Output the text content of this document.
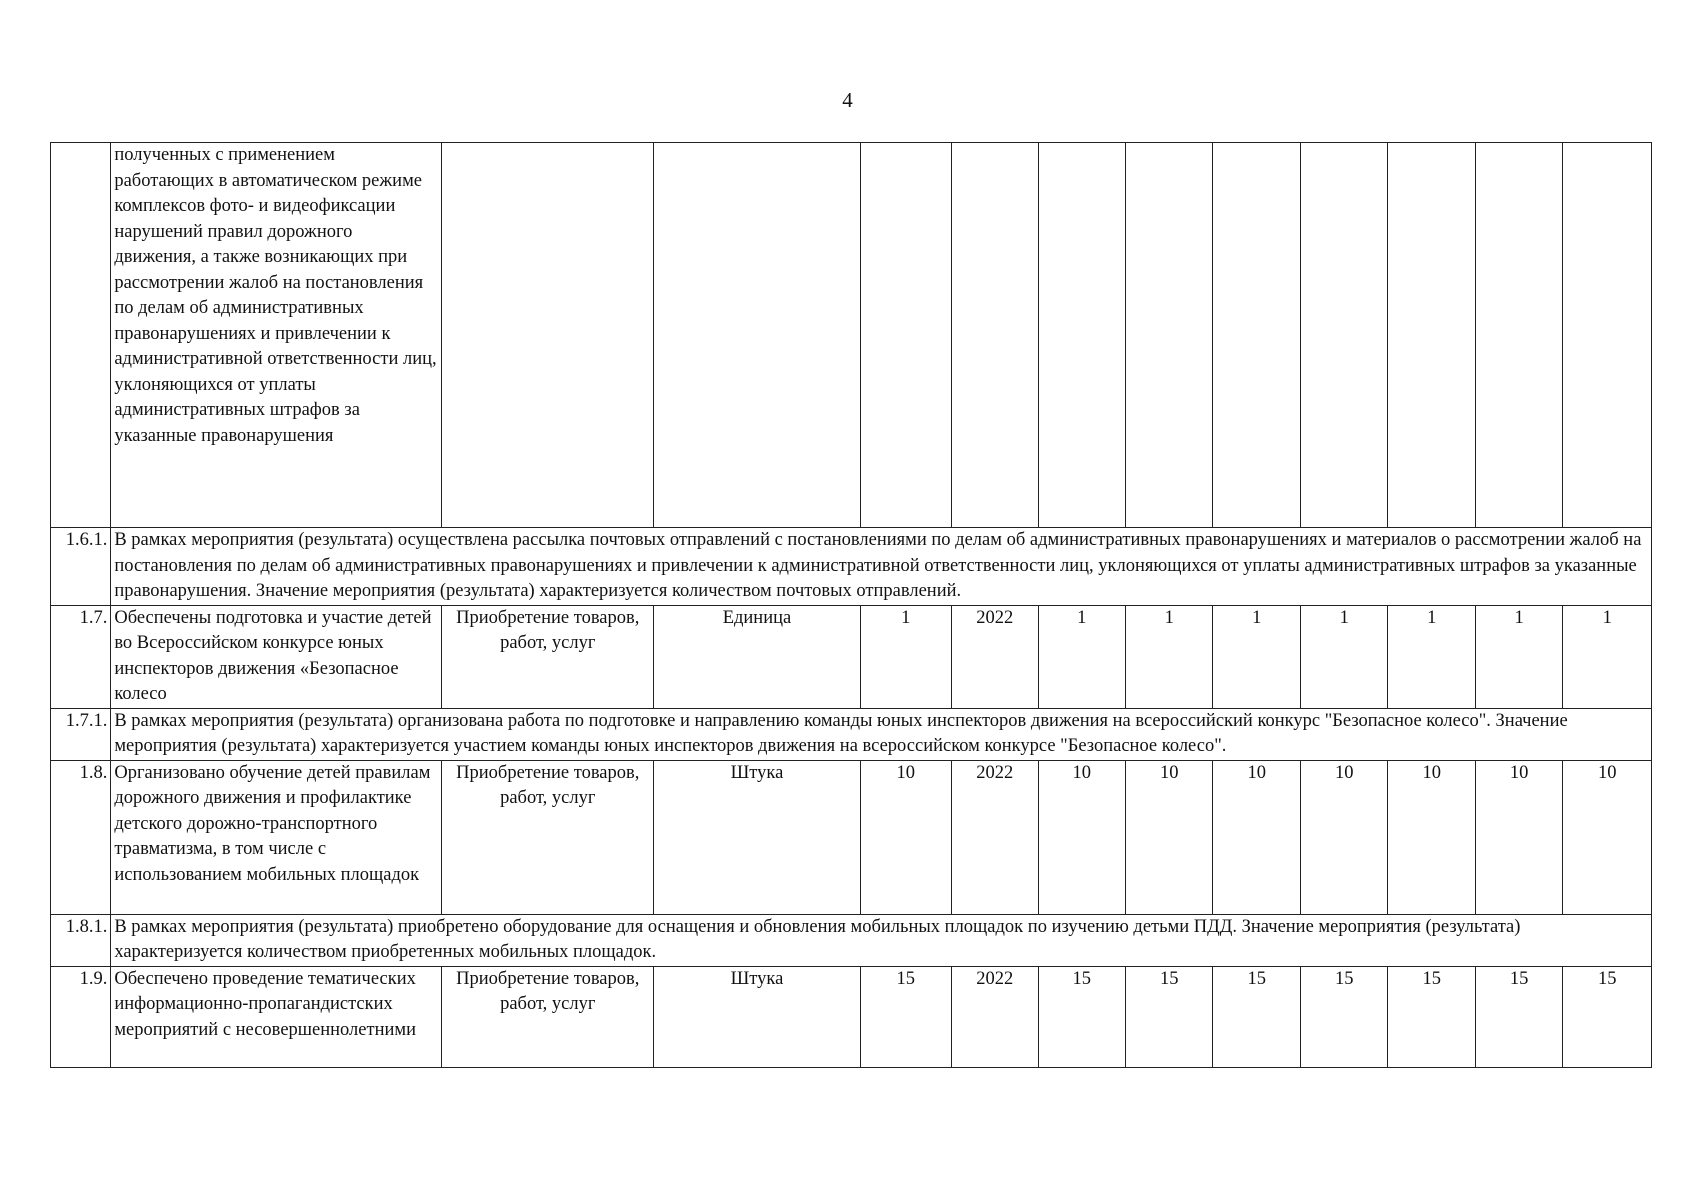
4
	полученных с применением работающих в автоматическом режиме комплексов фото- и видеофиксации нарушений правил дорожного движения, а также возникающих при рассмотрении жалоб на постановления по делам об административных правонарушениях и привлечении к административной ответственности лиц, уклоняющихся от уплаты административных штрафов за указанные правонарушения											
1.6.1.	В рамках мероприятия (результата) осуществлена рассылка почтовых отправлений с постановлениями по делам об административных правонарушениях и материалов о рассмотрении жалоб на постановления по делам об административных правонарушениях и привлечении к административной ответственности лиц, уклоняющихся от уплаты административных штрафов за указанные правонарушения. Значение мероприятия (результата) характеризуется количеством почтовых отправлений.											
1.7.	Обеспечены подготовка и участие детей во Всероссийском конкурсе юных инспекторов движения «Безопасное колесо	Приобретение товаров, работ, услуг	Единица	1	2022	1	1	1	1	1	1	1
1.7.1.	В рамках мероприятия (результата) организована работа по подготовке и направлению команды юных инспекторов движения на всероссийский конкурс "Безопасное колесо". Значение мероприятия (результата) характеризуется участием команды юных инспекторов движения на всероссийском конкурсе "Безопасное колесо".											
1.8.	Организовано обучение детей правилам дорожного движения и профилактике детского дорожно-транспортного травматизма, в том числе с использованием мобильных площадок	Приобретение товаров, работ, услуг	Штука	10	2022	10	10	10	10	10	10	10
1.8.1.	В рамках мероприятия (результата) приобретено оборудование для оснащения и обновления мобильных площадок по изучению детьми ПДД. Значение мероприятия (результата) характеризуется количеством приобретенных мобильных площадок.											
1.9.	Обеспечено проведение тематических информационно-пропагандистских мероприятий с несовершеннолетними	Приобретение товаров, работ, услуг	Штука	15	2022	15	15	15	15	15	15	15
